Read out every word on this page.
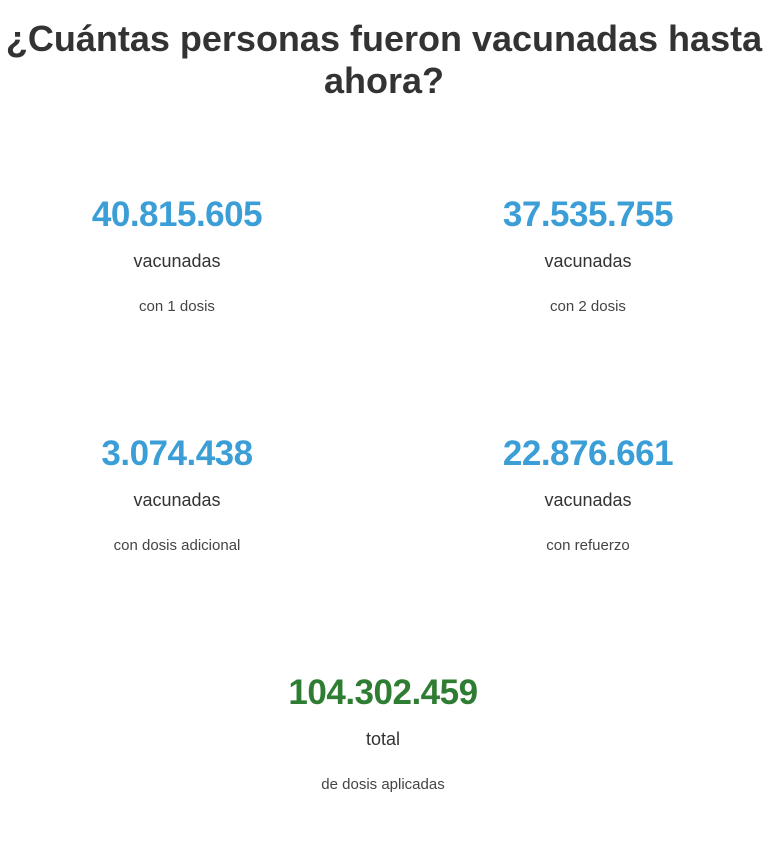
¿Cuántas personas fueron vacunadas hasta ahora?
40.815.605
vacunadas
con 1 dosis
37.535.755
vacunadas
con 2 dosis
3.074.438
vacunadas
con dosis adicional
22.876.661
vacunadas
con refuerzo
104.302.459
total
de dosis aplicadas
